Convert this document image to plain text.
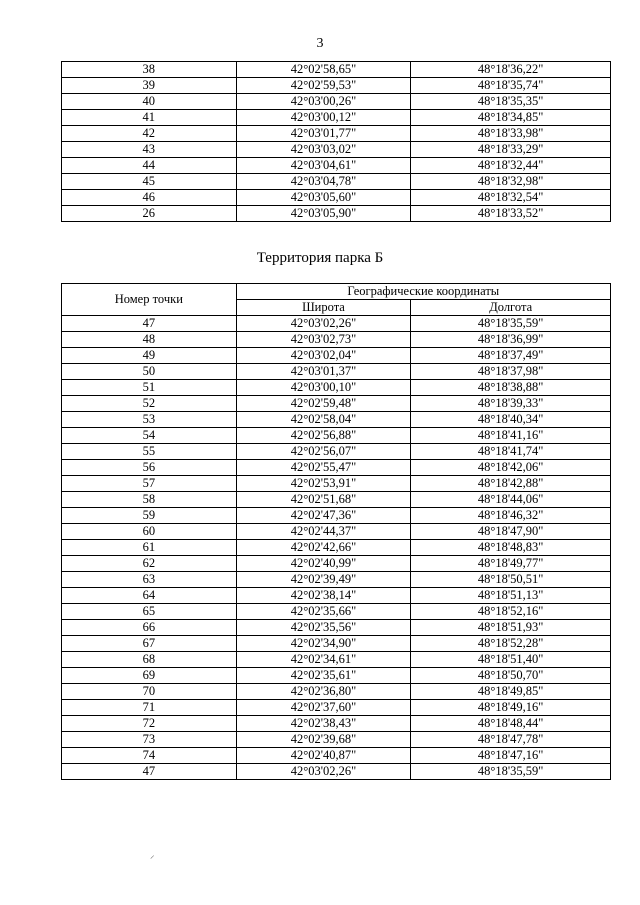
3
38	42°02'58,65"	48°18'36,22"
39	42°02'59,53"	48°18'35,74"
40	42°03'00,26"	48°18'35,35"
41	42°03'00,12"	48°18'34,85"
42	42°03'01,77"	48°18'33,98"
43	42°03'03,02"	48°18'33,29"
44	42°03'04,61"	48°18'32,44"
45	42°03'04,78"	48°18'32,98"
46	42°03'05,60"	48°18'32,54"
26	42°03'05,90"	48°18'33,52"
Территория парка Б
Номер точки	Географические координаты	
	Широта	Долгота
47	42°03'02,26"	48°18'35,59"
48	42°03'02,73"	48°18'36,99"
49	42°03'02,04"	48°18'37,49"
50	42°03'01,37"	48°18'37,98"
51	42°03'00,10"	48°18'38,88"
52	42°02'59,48"	48°18'39,33"
53	42°02'58,04"	48°18'40,34"
54	42°02'56,88"	48°18'41,16"
55	42°02'56,07"	48°18'41,74"
56	42°02'55,47"	48°18'42,06"
57	42°02'53,91"	48°18'42,88"
58	42°02'51,68"	48°18'44,06"
59	42°02'47,36"	48°18'46,32"
60	42°02'44,37"	48°18'47,90"
61	42°02'42,66"	48°18'48,83"
62	42°02'40,99"	48°18'49,77"
63	42°02'39,49"	48°18'50,51"
64	42°02'38,14"	48°18'51,13"
65	42°02'35,66"	48°18'52,16"
66	42°02'35,56"	48°18'51,93"
67	42°02'34,90"	48°18'52,28"
68	42°02'34,61"	48°18'51,40"
69	42°02'35,61"	48°18'50,70"
70	42°02'36,80"	48°18'49,85"
71	42°02'37,60"	48°18'49,16"
72	42°02'38,43"	48°18'48,44"
73	42°02'39,68"	48°18'47,78"
74	42°02'40,87"	48°18'47,16"
47	42°03'02,26"	48°18'35,59"
⸝
